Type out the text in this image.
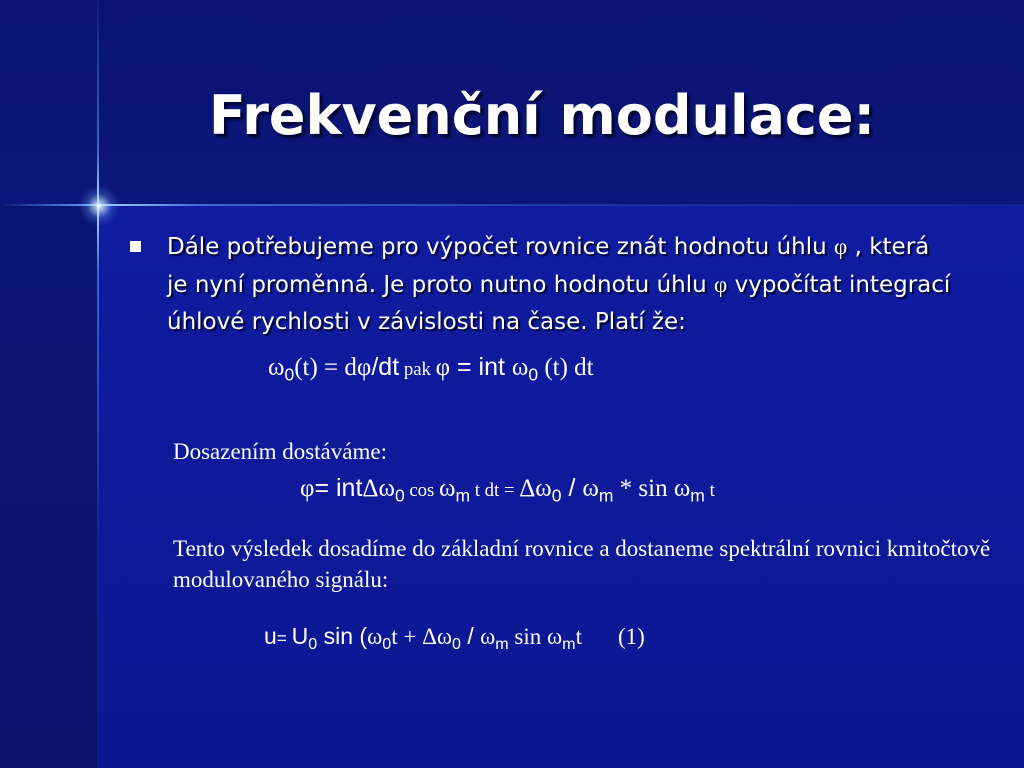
Frekvenční modulace:
Dále potřebujeme pro výpočet rovnice znát hodnotu úhlu φ , která je nyní proměnná. Je proto nutno hodnotu úhlu φ vypočítat integrací úhlové rychlosti v závislosti na čase. Platí že:
$\omega_0(t) = d\varphi/dt$ pak φ = int $\omega_0$ (t) dt
Dosazením dostáváme:
φ= intΔω$_0$ $\cos \omega_m$ t dt = $\Delta\omega_0 / \omega_m$ * $\sin \omega_m$ t
Tento výsledek dosadíme do základní rovnice a dostaneme spektrální rovnici kmitočtově modulovaného signálu:
$u= U_0$ $\sin (\omega_0t + \Delta\omega_0 / \omega_m$ $\sin \omega_mt$ (1)
